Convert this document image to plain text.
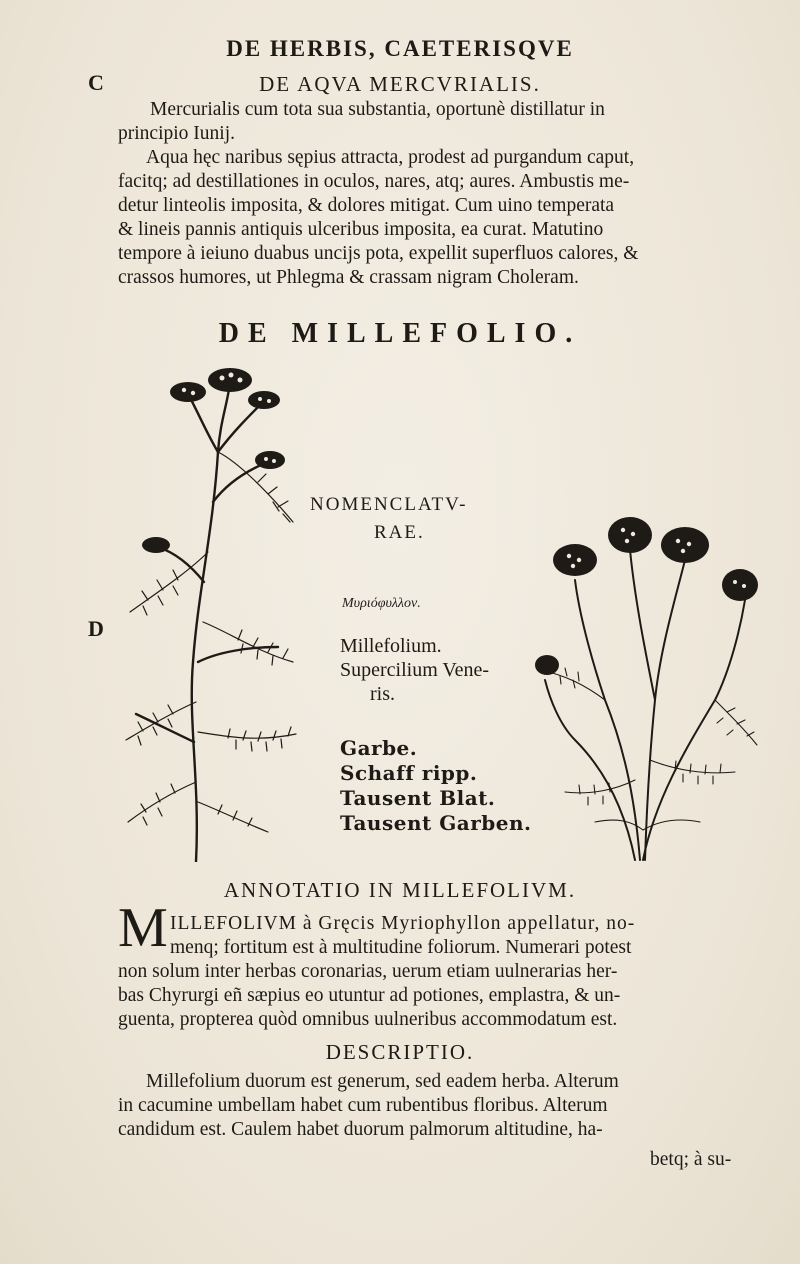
DE HERBIS, CAETERISQVE
C
D
DE AQVA MERCVRIALIS.
Mercurialis cum tota sua substantia, oportunè distillatur in
principio Iunij.
Aqua hęc naribus sępius attracta, prodest ad purgandum caput,
facitq; ad destillationes in oculos, nares, atq; aures. Ambustis me-
detur linteolis imposita, & dolores mitigat. Cum uino temperata
& lineis pannis antiquis ulceribus imposita, ea curat. Matutino
tempore à ieiuno duabus uncijs pota, expellit superfluos calores, &
crassos humores, ut Phlegma & crassam nigram Choleram.
DE MILLEFOLIO.
NOMENCLATV-
RAE.
Μυριόφυλλον.
Millefolium.
Supercilium Vene-
ris.
Garbe.
Schaff ripp.
Tausent Blat.
Tausent Garben.
ANNOTATIO IN MILLEFOLIVM.
M ILLEFOLIVM à Gręcis Myriophyllon appellatur, no-
menq; fortitum est à multitudine foliorum. Numerari potest
non solum inter herbas coronarias, uerum etiam uulnerarias her-
bas Chyrurgi eñ sæpius eo utuntur ad potiones, emplastra, & un-
guenta, propterea quòd omnibus uulneribus accommodatum est.
DESCRIPTIO.
Millefolium duorum est generum, sed eadem herba. Alterum
in cacumine umbellam habet cum rubentibus floribus. Alterum
candidum est. Caulem habet duorum palmorum altitudine, ha-
betq; à su-
